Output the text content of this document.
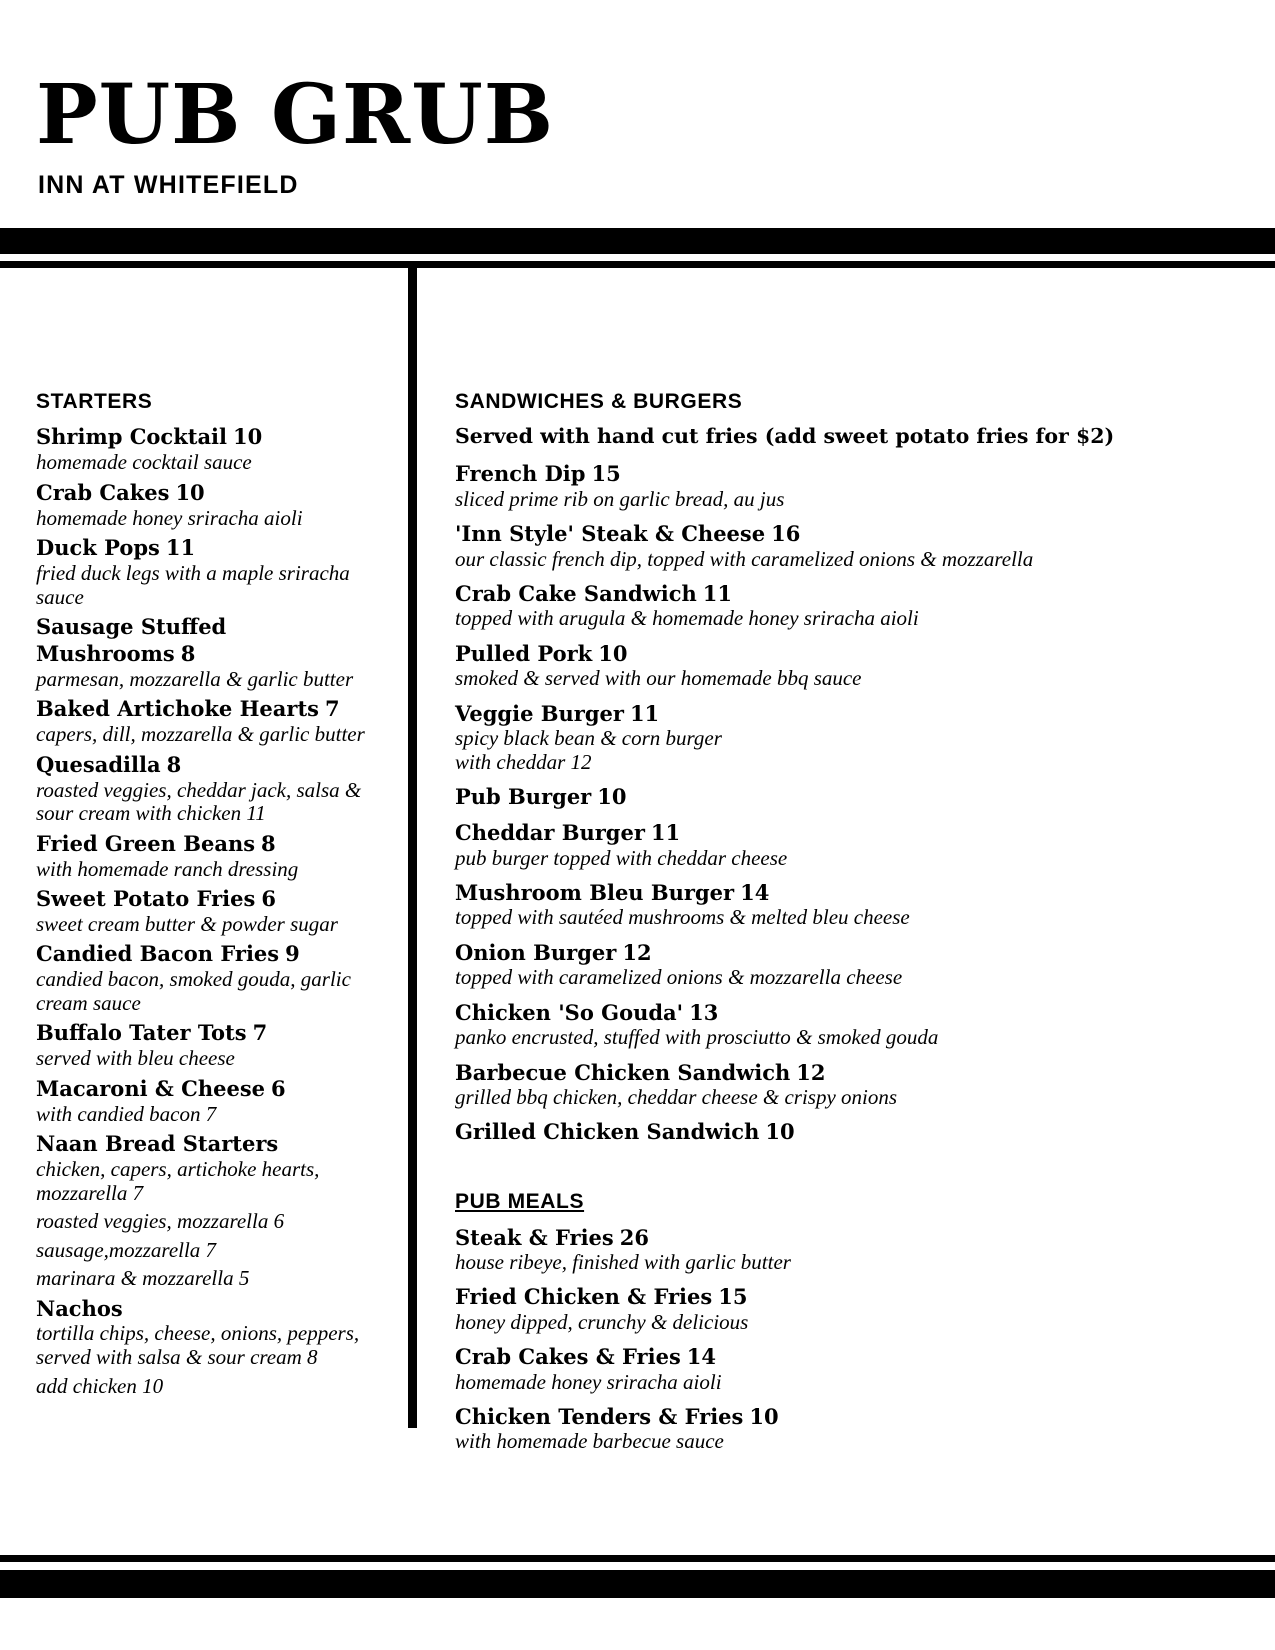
PUB GRUB
INN AT WHITEFIELD
STARTERS
Shrimp Cocktail 10
homemade cocktail sauce
Crab Cakes 10
homemade honey sriracha aioli
Duck Pops 11
fried duck legs with a maple sriracha sauce
Sausage Stuffed Mushrooms 8
parmesan, mozzarella & garlic butter
Baked Artichoke Hearts 7
capers, dill, mozzarella & garlic butter
Quesadilla 8
roasted veggies, cheddar jack, salsa & sour cream with chicken 11
Fried Green Beans 8
with homemade ranch dressing
Sweet Potato Fries 6
sweet cream butter & powder sugar
Candied Bacon Fries 9
candied bacon, smoked gouda, garlic cream sauce
Buffalo Tater Tots 7
served with bleu cheese
Macaroni & Cheese 6
with candied bacon 7
Naan Bread Starters
chicken, capers, artichoke hearts, mozzarella 7
roasted veggies, mozzarella 6
sausage,mozzarella 7
marinara & mozzarella 5
Nachos
tortilla chips, cheese, onions, peppers, served with salsa & sour cream 8
add chicken 10
SANDWICHES & BURGERS
Served with hand cut fries (add sweet potato fries for $2)
French Dip 15
sliced prime rib on garlic bread, au jus
'Inn Style' Steak & Cheese 16
our classic french dip, topped with caramelized onions & mozzarella
Crab Cake Sandwich 11
topped with arugula & homemade honey sriracha aioli
Pulled Pork 10
smoked & served with our homemade bbq sauce
Veggie Burger 11
spicy black bean & corn burger
with cheddar 12
Pub Burger 10
Cheddar Burger 11
pub burger topped with cheddar cheese
Mushroom Bleu Burger 14
topped with sautéed mushrooms & melted bleu cheese
Onion Burger 12
topped with caramelized onions & mozzarella cheese
Chicken 'So Gouda' 13
panko encrusted, stuffed with prosciutto & smoked gouda
Barbecue Chicken Sandwich 12
grilled bbq chicken, cheddar cheese & crispy onions
Grilled Chicken Sandwich 10
PUB MEALS
Steak & Fries 26
house ribeye, finished with garlic butter
Fried Chicken & Fries 15
honey dipped, crunchy & delicious
Crab Cakes & Fries 14
homemade honey sriracha aioli
Chicken Tenders & Fries 10
with homemade barbecue sauce
